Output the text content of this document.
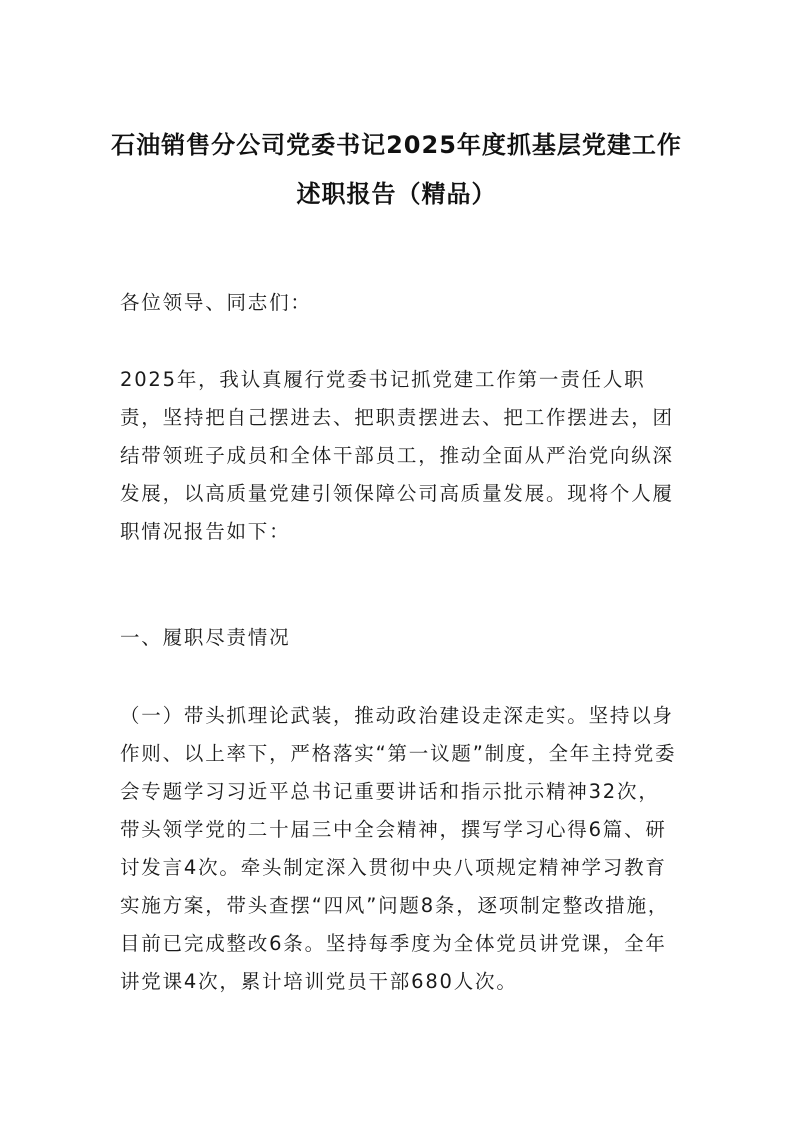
石油销售分公司党委书记2025年度抓基层党建工作
述职报告（精品）

各位领导、同志们：

2025年，我认真履行党委书记抓党建工作第一责任人职责，坚持把自己摆进去、把职责摆进去、把工作摆进去，团结带领班子成员和全体干部员工，推动全面从严治党向纵深发展，以高质量党建引领保障公司高质量发展。现将个人履职情况报告如下：

一、履职尽责情况

（一）带头抓理论武装，推动政治建设走深走实。坚持以身作则、以上率下，严格落实“第一议题”制度，全年主持党委会专题学习习近平总书记重要讲话和指示批示精神32次，带头领学党的二十届三中全会精神，撰写学习心得6篇、研讨发言4次。牵头制定深入贯彻中央八项规定精神学习教育实施方案，带头查摆“四风”问题8条，逐项制定整改措施，目前已完成整改6条。坚持每季度为全体党员讲党课，全年讲党课4次，累计培训党员干部680人次。
